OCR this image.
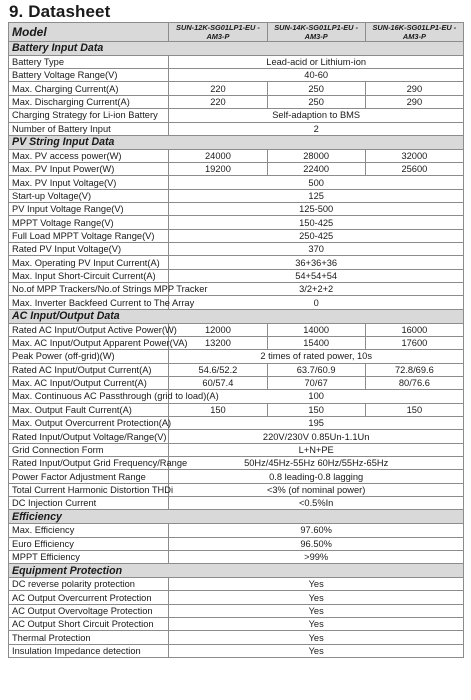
9. Datasheet
Model	SUN-12K-SG01LP1-EU -AM3-P	SUN-14K-SG01LP1-EU -AM3-P	SUN-16K-SG01LP1-EU -AM3-P
Battery Input Data			
Battery Type	Lead-acid or Lithium-ion		
Battery Voltage Range(V)	40-60		
Max. Charging Current(A)	220	250	290
Max. Discharging Current(A)	220	250	290
Charging Strategy for Li-ion Battery	Self-adaption to BMS		
Number of Battery Input	2		
PV String Input Data			
Max. PV access power(W)	24000	28000	32000
Max. PV Input Power(W)	19200	22400	25600
Max. PV Input Voltage(V)	500		
Start-up Voltage(V)	125		
PV Input Voltage Range(V)	125-500		
MPPT Voltage Range(V)	150-425		
Full Load MPPT Voltage Range(V)	250-425		
Rated PV Input Voltage(V)	370		
Max. Operating PV Input Current(A)	36+36+36		
Max. Input Short-Circuit Current(A)	54+54+54		
No.of MPP Trackers/No.of Strings MPP Tracker	3/2+2+2		
Max. Inverter Backfeed Current to The Array	0		
AC Input/Output Data			
Rated AC Input/Output Active Power(W)	12000	14000	16000
Max. AC Input/Output Apparent Power(VA)	13200	15400	17600
Peak Power (off-grid)(W)	2 times of rated power, 10s		
Rated AC Input/Output Current(A)	54.6/52.2	63.7/60.9	72.8/69.6
Max. AC Input/Output Current(A)	60/57.4	70/67	80/76.6
Max. Continuous AC Passthrough (grid to load)(A)	100		
Max. Output Fault Current(A)	150	150	150
Max. Output Overcurrent Protection(A)	195		
Rated Input/Output Voltage/Range(V)	220V/230V 0.85Un-1.1Un		
Grid Connection Form	L+N+PE		
Rated Input/Output Grid Frequency/Range	50Hz/45Hz-55Hz 60Hz/55Hz-65Hz		
Power Factor Adjustment Range	0.8 leading-0.8 lagging		
Total Current Harmonic Distortion THDi	<3% (of nominal power)		
DC Injection Current	<0.5%In		
Efficiency			
Max. Efficiency	97.60%		
Euro Efficiency	96.50%		
MPPT Efficiency	>99%		
Equipment Protection			
DC reverse polarity protection	Yes		
AC Output Overcurrent Protection	Yes		
AC Output Overvoltage Protection	Yes		
AC Output Short Circuit Protection	Yes		
Thermal Protection	Yes		
Insulation Impedance detection	Yes		
